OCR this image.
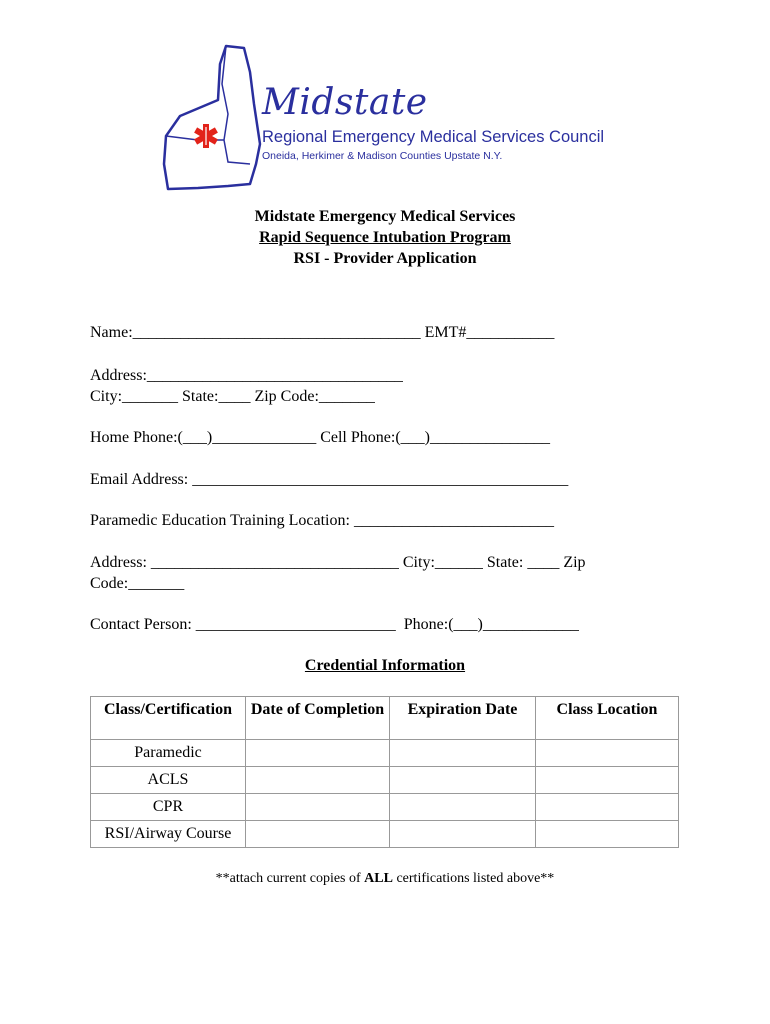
Midstate
Regional Emergency Medical Services Council
Oneida, Herkimer & Madison Counties Upstate N.Y.
Midstate Emergency Medical Services
Rapid Sequence Intubation Program
RSI - Provider Application
Name:____________________________________ EMT#___________
Address:________________________________
City:_______ State:____ Zip Code:_______
Home Phone:(___)_____________ Cell Phone:(___)_______________
Email Address: _______________________________________________
Paramedic Education Training Location: _________________________
Address: _______________________________ City:______ State: ____ Zip
Code:_______
Contact Person: _________________________  Phone:(___)____________
Credential Information
Class/Certification	Date of Completion	Expiration Date	Class Location
Paramedic			
ACLS			
CPR			
RSI/Airway Course			
**attach current copies of ALL certifications listed above**
